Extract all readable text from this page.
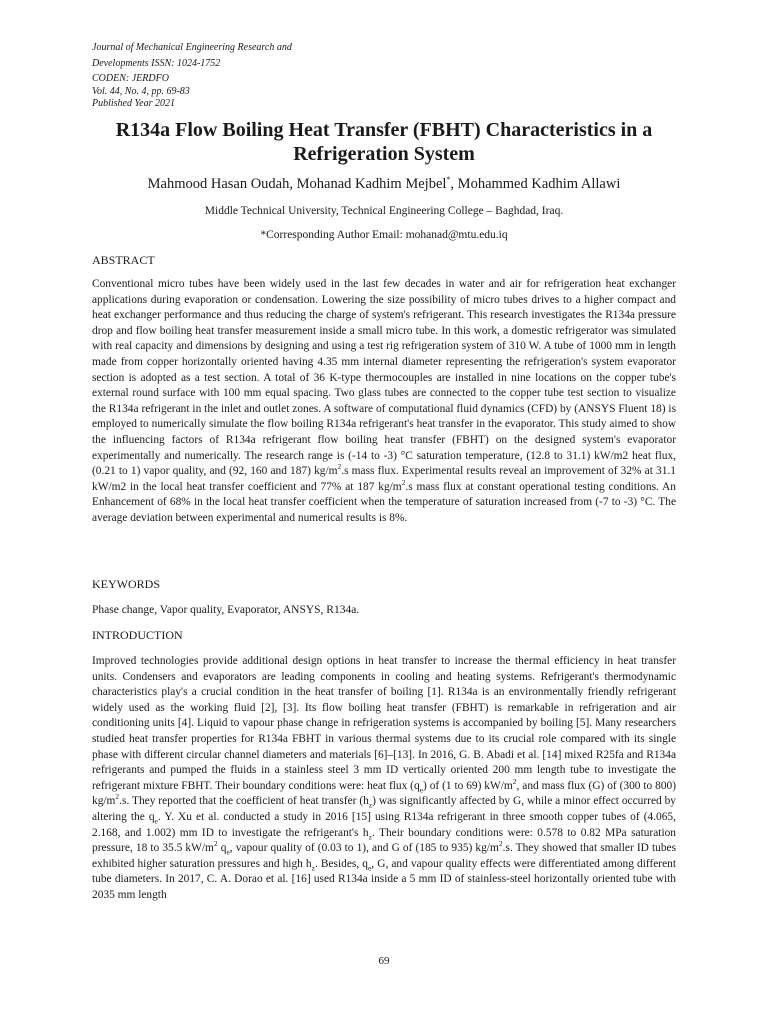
Journal of Mechanical Engineering Research and
Developments ISSN: 1024-1752
CODEN: JERDFO
Vol. 44, No. 4, pp. 69-83
Published Year 2021
R134a Flow Boiling Heat Transfer (FBHT) Characteristics in a Refrigeration System
Mahmood Hasan Oudah, Mohanad Kadhim Mejbel*, Mohammed Kadhim Allawi
Middle Technical University, Technical Engineering College – Baghdad, Iraq.
*Corresponding Author Email: mohanad@mtu.edu.iq
ABSTRACT
Conventional micro tubes have been widely used in the last few decades in water and air for refrigeration heat exchanger applications during evaporation or condensation. Lowering the size possibility of micro tubes drives to a higher compact and heat exchanger performance and thus reducing the charge of system's refrigerant. This research investigates the R134a pressure drop and flow boiling heat transfer measurement inside a small micro tube. In this work, a domestic refrigerator was simulated with real capacity and dimensions by designing and using a test rig refrigeration system of 310 W. A tube of 1000 mm in length made from copper horizontally oriented having 4.35 mm internal diameter representing the refrigeration's system evaporator section is adopted as a test section. A total of 36 K-type thermocouples are installed in nine locations on the copper tube's external round surface with 100 mm equal spacing. Two glass tubes are connected to the copper tube test section to visualize the R134a refrigerant in the inlet and outlet zones. A software of computational fluid dynamics (CFD) by (ANSYS Fluent 18) is employed to numerically simulate the flow boiling R134a refrigerant's heat transfer in the evaporator. This study aimed to show the influencing factors of R134a refrigerant flow boiling heat transfer (FBHT) on the designed system's evaporator experimentally and numerically. The research range is (-14 to -3) °C saturation temperature, (12.8 to 31.1) kW/m2 heat flux, (0.21 to 1) vapor quality, and (92, 160 and 187) $kg/m^2.s$ mass flux. Experimental results reveal an improvement of 32% at 31.1 kW/m2 in the local heat transfer coefficient and 77% at 187 $kg/m^2.s$ mass flux at constant operational testing conditions. An Enhancement of 68% in the local heat transfer coefficient when the temperature of saturation increased from (-7 to -3) °C. The average deviation between experimental and numerical results is 8%.
KEYWORDS
Phase change, Vapor quality, Evaporator, ANSYS, R134a.
INTRODUCTION
Improved technologies provide additional design options in heat transfer to increase the thermal efficiency in heat transfer units. Condensers and evaporators are leading components in cooling and heating systems. Refrigerant's thermodynamic characteristics play's a crucial condition in the heat transfer of boiling [1]. R134a is an environmentally friendly refrigerant widely used as the working fluid [2], [3]. Its flow boiling heat transfer (FBHT) is remarkable in refrigeration and air conditioning units [4]. Liquid to vapour phase change in refrigeration systems is accompanied by boiling [5]. Many researchers studied heat transfer properties for R134a FBHT in various thermal systems due to its crucial role compared with its single phase with different circular channel diameters and materials [6]–[13]. In 2016, G. B. Abadi et al. [14] mixed R25fa and R134a refrigerants and pumped the fluids in a stainless steel 3 mm ID vertically oriented 200 mm length tube to investigate the refrigerant mixture FBHT. Their boundary conditions were: heat flux $(q_e)$ of (1 to 69) $kW/m^2$, and mass flux (G) of (300 to 800) $kg/m^2.s$. They reported that the coefficient of heat transfer $(h_z)$ was significantly affected by G, while a minor effect occurred by altering the $q_e$. Y. Xu et al. conducted a study in 2016 [15] using R134a refrigerant in three smooth copper tubes of (4.065, 2.168, and 1.002) mm ID to investigate the refrigerant's $h_z$. Their boundary conditions were: 0.578 to 0.82 MPa saturation pressure, 18 to 35.5 $kW/m^2$ $q_e$, vapour quality of (0.03 to 1), and G of (185 to 935) $kg/m^2.s$. They showed that smaller ID tubes exhibited higher saturation pressures and high $h_z$. Besides, $q_e$, G, and vapour quality effects were differentiated among different tube diameters. In 2017, C. A. Dorao et al. [16] used R134a inside a 5 mm ID of stainless-steel horizontally oriented tube with 2035 mm length
69
